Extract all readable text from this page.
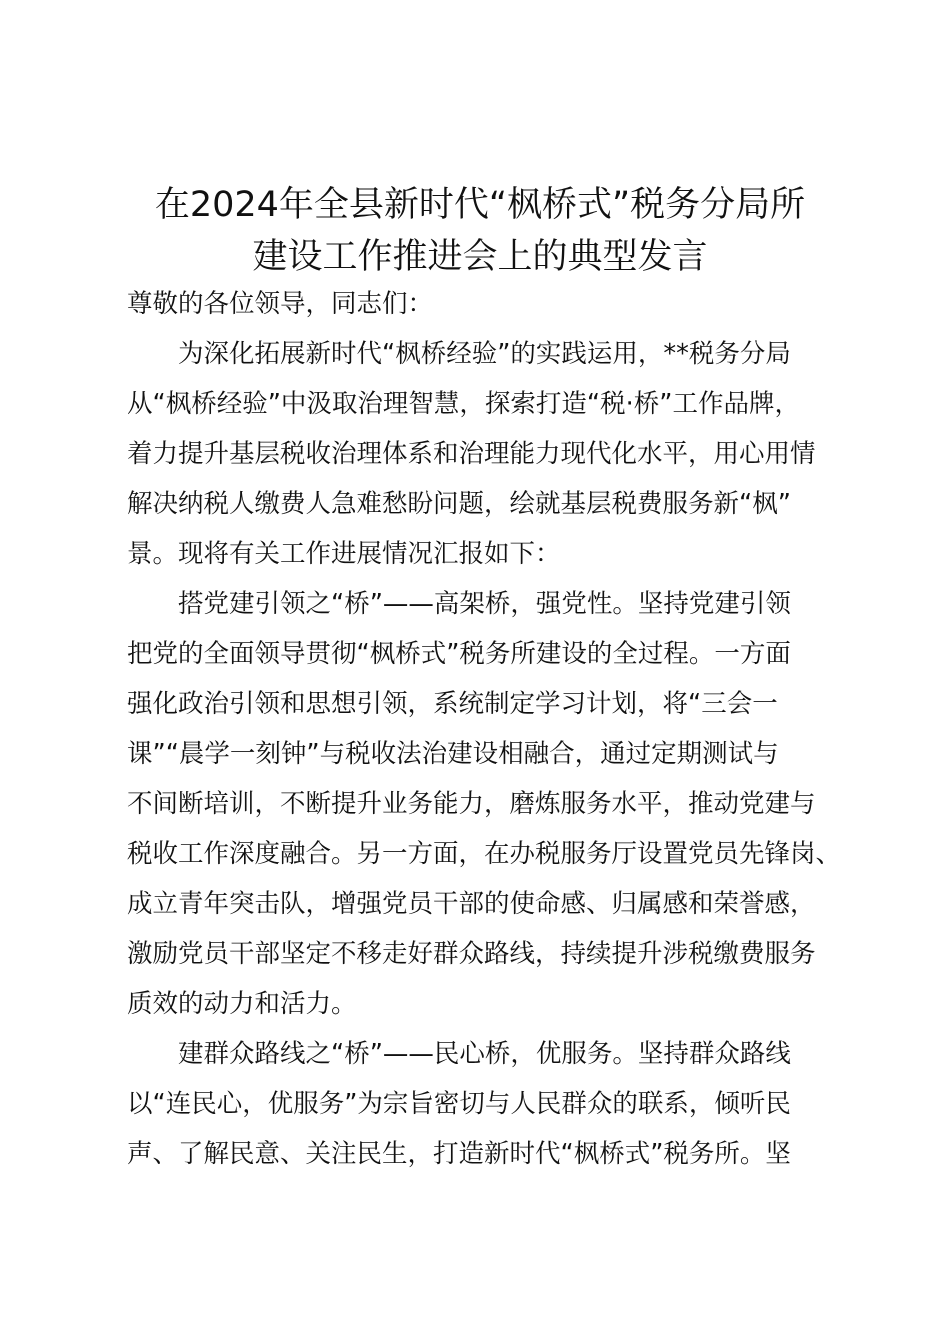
在2024年全县新时代“枫桥式”税务分局所
建设工作推进会上的典型发言
尊敬的各位领导，同志们：
　　为深化拓展新时代“枫桥经验”的实践运用，**税务分局
从“枫桥经验”中汲取治理智慧，探索打造“税·桥”工作品牌，
着力提升基层税收治理体系和治理能力现代化水平，用心用情
解决纳税人缴费人急难愁盼问题，绘就基层税费服务新“枫”
景。现将有关工作进展情况汇报如下：
　　搭党建引领之“桥”——高架桥，强党性。坚持党建引领
把党的全面领导贯彻“枫桥式”税务所建设的全过程。一方面
强化政治引领和思想引领，系统制定学习计划，将“三会一
课”“晨学一刻钟”与税收法治建设相融合，通过定期测试与
不间断培训，不断提升业务能力，磨炼服务水平，推动党建与
税收工作深度融合。另一方面，在办税服务厅设置党员先锋岗、
成立青年突击队，增强党员干部的使命感、归属感和荣誉感，
激励党员干部坚定不移走好群众路线，持续提升涉税缴费服务
质效的动力和活力。
　　建群众路线之“桥”——民心桥，优服务。坚持群众路线
以“连民心，优服务”为宗旨密切与人民群众的联系，倾听民
声、了解民意、关注民生，打造新时代“枫桥式”税务所。坚
